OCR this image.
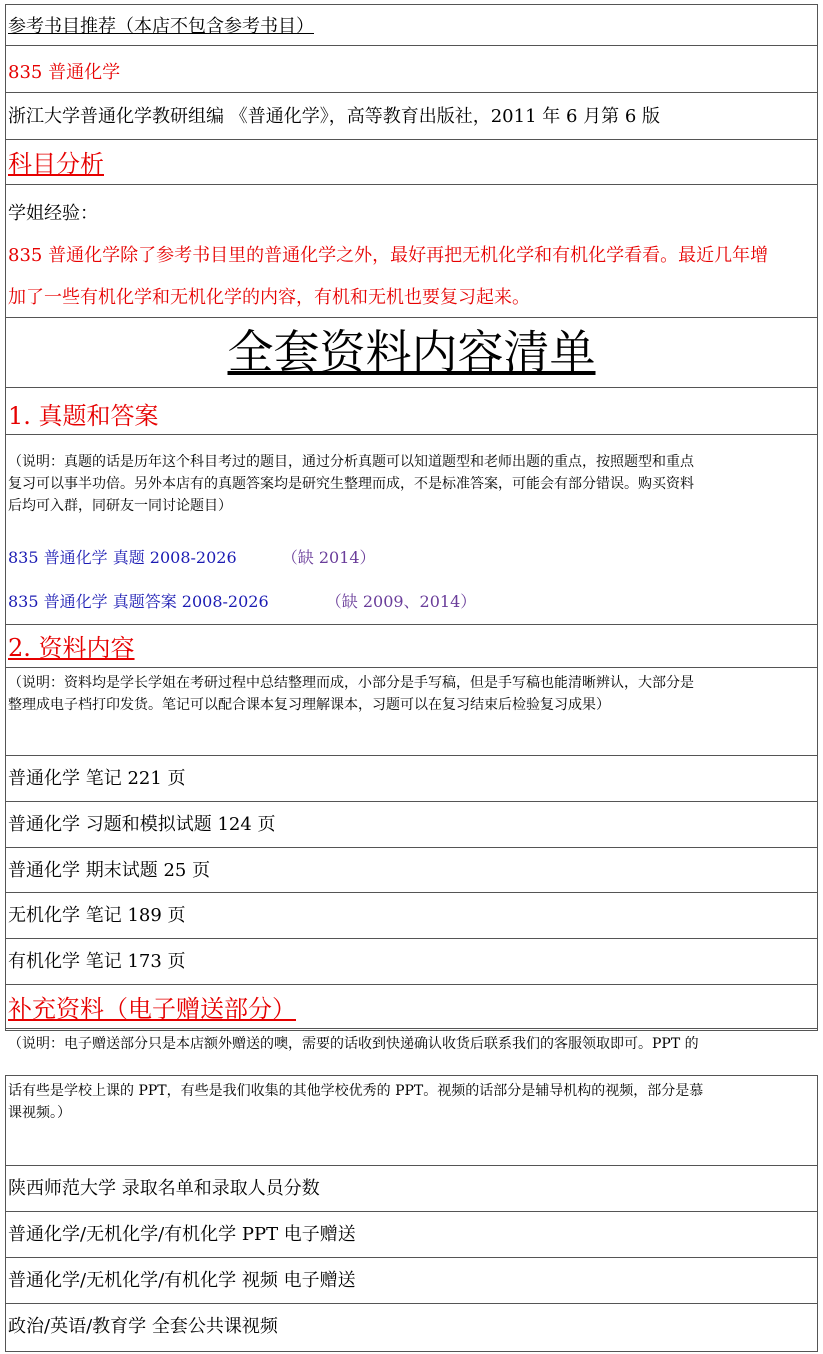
参考书目推荐（本店不包含参考书目）
835 普通化学
浙江大学普通化学教研组编 《普通化学》，高等教育出版社，2011 年 6 月第 6 版
科目分析
学姐经验：
835 普通化学除了参考书目里的普通化学之外，最好再把无机化学和有机化学看看。最近几年增
加了一些有机化学和无机化学的内容，有机和无机也要复习起来。
全套资料内容清单
1. 真题和答案
（说明：真题的话是历年这个科目考过的题目，通过分析真题可以知道题型和老师出题的重点，按照题型和重点
复习可以事半功倍。另外本店有的真题答案均是研究生整理而成，不是标准答案，可能会有部分错误。购买资料
后均可入群，同研友一同讨论题目）
835 普通化学 真题 2008-2026	（缺 2014）
835 普通化学 真题答案 2008-2026	（缺 2009、2014）
2. 资料内容
（说明：资料均是学长学姐在考研过程中总结整理而成，小部分是手写稿，但是手写稿也能清晰辨认，大部分是
整理成电子档打印发货。笔记可以配合课本复习理解课本，习题可以在复习结束后检验复习成果）
普通化学 笔记 221 页
普通化学 习题和模拟试题 124 页
普通化学 期末试题 25 页
无机化学 笔记 189 页
有机化学 笔记 173 页
补充资料（电子赠送部分）
（说明：电子赠送部分只是本店额外赠送的噢，需要的话收到快递确认收货后联系我们的客服领取即可。PPT 的
话有些是学校上课的 PPT，有些是我们收集的其他学校优秀的 PPT。视频的话部分是辅导机构的视频，部分是慕
课视频。）
陕西师范大学 录取名单和录取人员分数
普通化学/无机化学/有机化学 PPT 电子赠送
普通化学/无机化学/有机化学 视频 电子赠送
政治/英语/教育学 全套公共课视频
